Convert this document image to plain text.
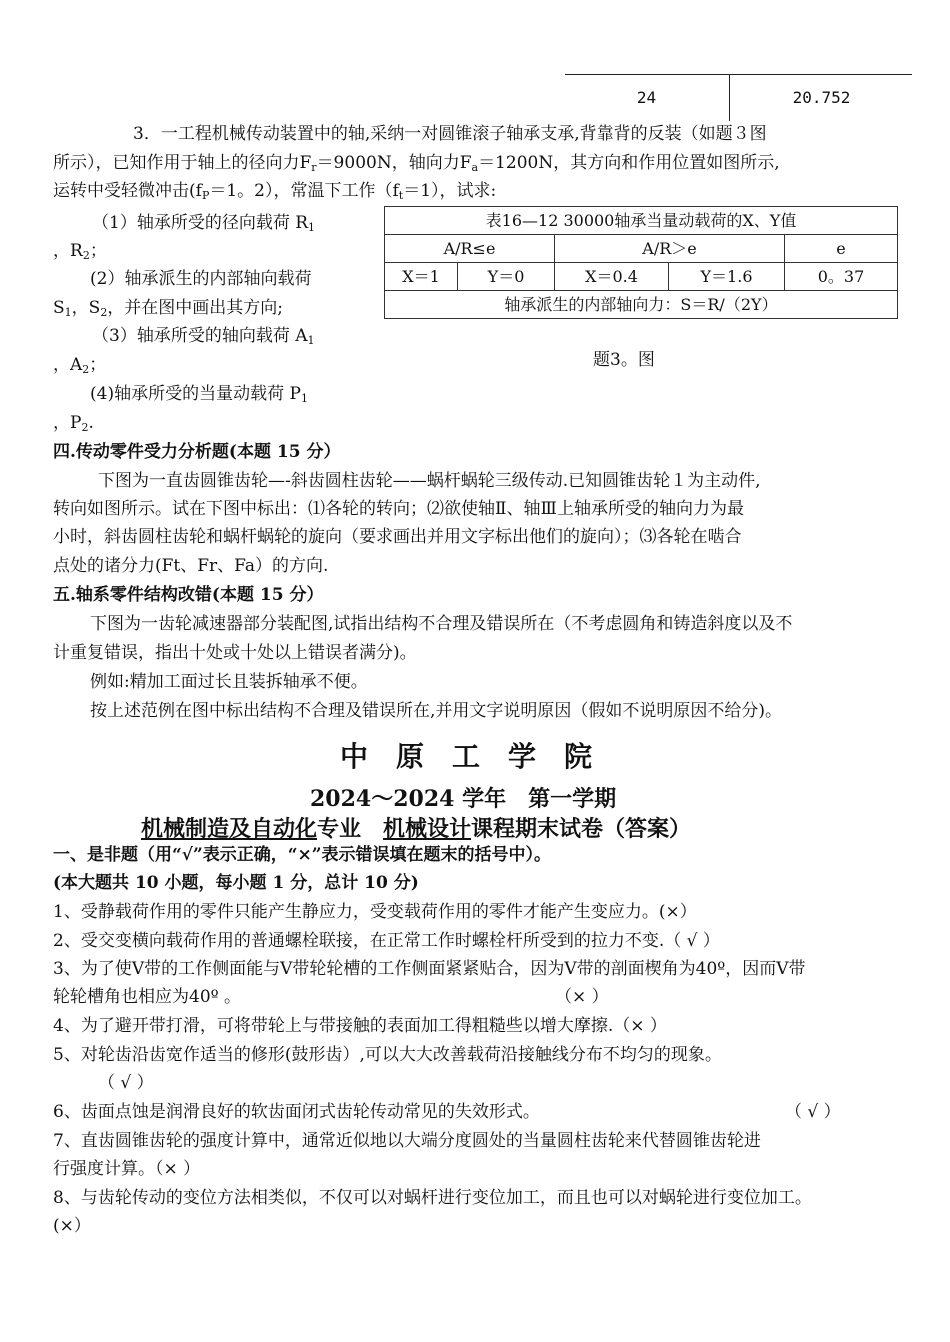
24	20.752
3．一工程机械传动装置中的轴,采纳一对圆锥滚子轴承支承,背靠背的反装（如题３图
所示），已知作用于轴上的径向力$F_r=9000N$，轴向力$F_a=1200N$，其方向和作用位置如图所示,
运转中受轻微冲击($f_P=1$。2），常温下工作$(f_t=1)$，试求:
（1）轴承所受的径向载荷 $R_1$
，$R_2$；
(2）轴承派生的内部轴向载荷
$S_1$，$S_2$，并在图中画出其方向;
（3）轴承所受的轴向载荷 $A_1$
，$A_2$；
(4)轴承所受的当量动载荷 $P_1$
，$P_2$.
表16—12 30000轴承当量动载荷的X、Y值				
A/R≤e		A/R＞e		e
X＝1	Y＝0	X＝0.4	Y＝1.6	0。37
轴承派生的内部轴向力：S＝R/（2Y）				
题3。图
四.传动零件受力分析题(本题 15 分）
下图为一直齿圆锥齿轮—-斜齿圆柱齿轮——蜗杆蜗轮三级传动.已知圆锥齿轮１为主动件,
转向如图所示。试在下图中标出：⑴各轮的转向；⑵欲使轴Ⅱ、轴Ⅲ上轴承所受的轴向力为最
小时，斜齿圆柱齿轮和蜗杆蜗轮的旋向（要求画出并用文字标出他们的旋向）；⑶各轮在啮合
点处的诸分力(Ft、Fr、Fa）的方向.
五.轴系零件结构改错(本题 15 分）
下图为一齿轮减速器部分装配图,试指出结构不合理及错误所在（不考虑圆角和铸造斜度以及不
计重复错误，指出十处或十处以上错误者满分)。
例如:精加工面过长且装拆轴承不便。
按上述范例在图中标出结构不合理及错误所在,并用文字说明原因（假如不说明原因不给分)。
中原工学院
2024～2024 学年　第一学期
机械制造及自动化专业　机械设计课程期末试卷（答案）
一、是非题（用“√”表示正确，“×”表示错误填在题末的括号中）。
(本大题共 10 小题，每小题 1 分，总计 10 分)
1、受静载荷作用的零件只能产生静应力，受变载荷作用的零件才能产生变应力。(×）
2、受交变横向载荷作用的普通螺栓联接，在正常工作时螺栓杆所受到的拉力不变.（ √ ）
3、为了使V带的工作侧面能与V带轮轮槽的工作侧面紧紧贴合，因为V带的剖面楔角为40º，因而V带
轮轮槽角也相应为40º 。	（× ）
4、为了避开带打滑，可将带轮上与带接触的表面加工得粗糙些以增大摩擦.（× ）
5、对轮齿沿齿宽作适当的修形(鼓形齿）,可以大大改善载荷沿接触线分布不均匀的现象。
（ √ ）
6、齿面点蚀是润滑良好的软齿面闭式齿轮传动常见的失效形式。	（ √ ）
7、直齿圆锥齿轮的强度计算中，通常近似地以大端分度圆处的当量圆柱齿轮来代替圆锥齿轮进
行强度计算。（× ）
8、与齿轮传动的变位方法相类似，不仅可以对蜗杆进行变位加工，而且也可以对蜗轮进行变位加工。
(×）
